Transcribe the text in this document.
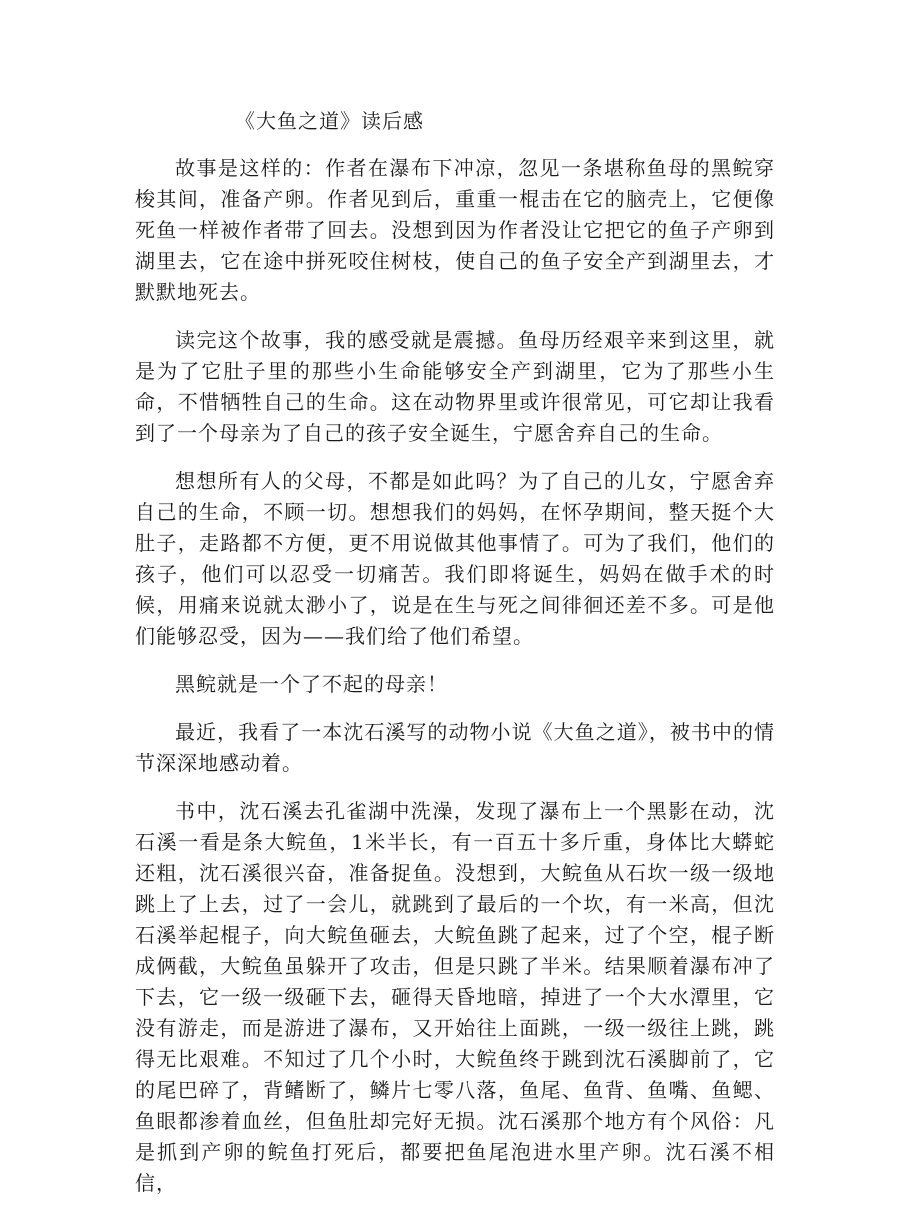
《大鱼之道》读后感

故事是这样的：作者在瀑布下冲凉，忽见一条堪称鱼母的黑鲩穿梭其间，准备产卵。作者见到后，重重一棍击在它的脑壳上，它便像死鱼一样被作者带了回去。没想到因为作者没让它把它的鱼子产卵到湖里去，它在途中拼死咬住树枝，使自己的鱼子安全产到湖里去，才默默地死去。

读完这个故事，我的感受就是震撼。鱼母历经艰辛来到这里，就是为了它肚子里的那些小生命能够安全产到湖里，它为了那些小生命，不惜牺牲自己的生命。这在动物界里或许很常见，可它却让我看到了一个母亲为了自己的孩子安全诞生，宁愿舍弃自己的生命。

想想所有人的父母，不都是如此吗？为了自己的儿女，宁愿舍弃自己的生命，不顾一切。想想我们的妈妈，在怀孕期间，整天挺个大肚子，走路都不方便，更不用说做其他事情了。可为了我们，他们的孩子，他们可以忍受一切痛苦。我们即将诞生，妈妈在做手术的时候，用痛来说就太渺小了，说是在生与死之间徘徊还差不多。可是他们能够忍受，因为——我们给了他们希望。

黑鲩就是一个了不起的母亲！

最近，我看了一本沈石溪写的动物小说《大鱼之道》，被书中的情节深深地感动着。

书中，沈石溪去孔雀湖中洗澡，发现了瀑布上一个黑影在动，沈石溪一看是条大鲩鱼，1米半长，有一百五十多斤重，身体比大蟒蛇还粗，沈石溪很兴奋，准备捉鱼。没想到，大鲩鱼从石坎一级一级地跳上了上去，过了一会儿，就跳到了最后的一个坎，有一米高，但沈石溪举起棍子，向大鲩鱼砸去，大鲩鱼跳了起来，过了个空，棍子断成俩截，大鲩鱼虽躲开了攻击，但是只跳了半米。结果顺着瀑布冲了下去，它一级一级砸下去，砸得天昏地暗，掉进了一个大水潭里，它没有游走，而是游进了瀑布，又开始往上面跳，一级一级往上跳，跳得无比艰难。不知过了几个小时，大鲩鱼终于跳到沈石溪脚前了，它的尾巴碎了，背鳍断了，鳞片七零八落，鱼尾、鱼背、鱼嘴、鱼鳃、鱼眼都渗着血丝，但鱼肚却完好无损。沈石溪那个地方有个风俗：凡是抓到产卵的鲩鱼打死后，都要把鱼尾泡进水里产卵。沈石溪不相信，
